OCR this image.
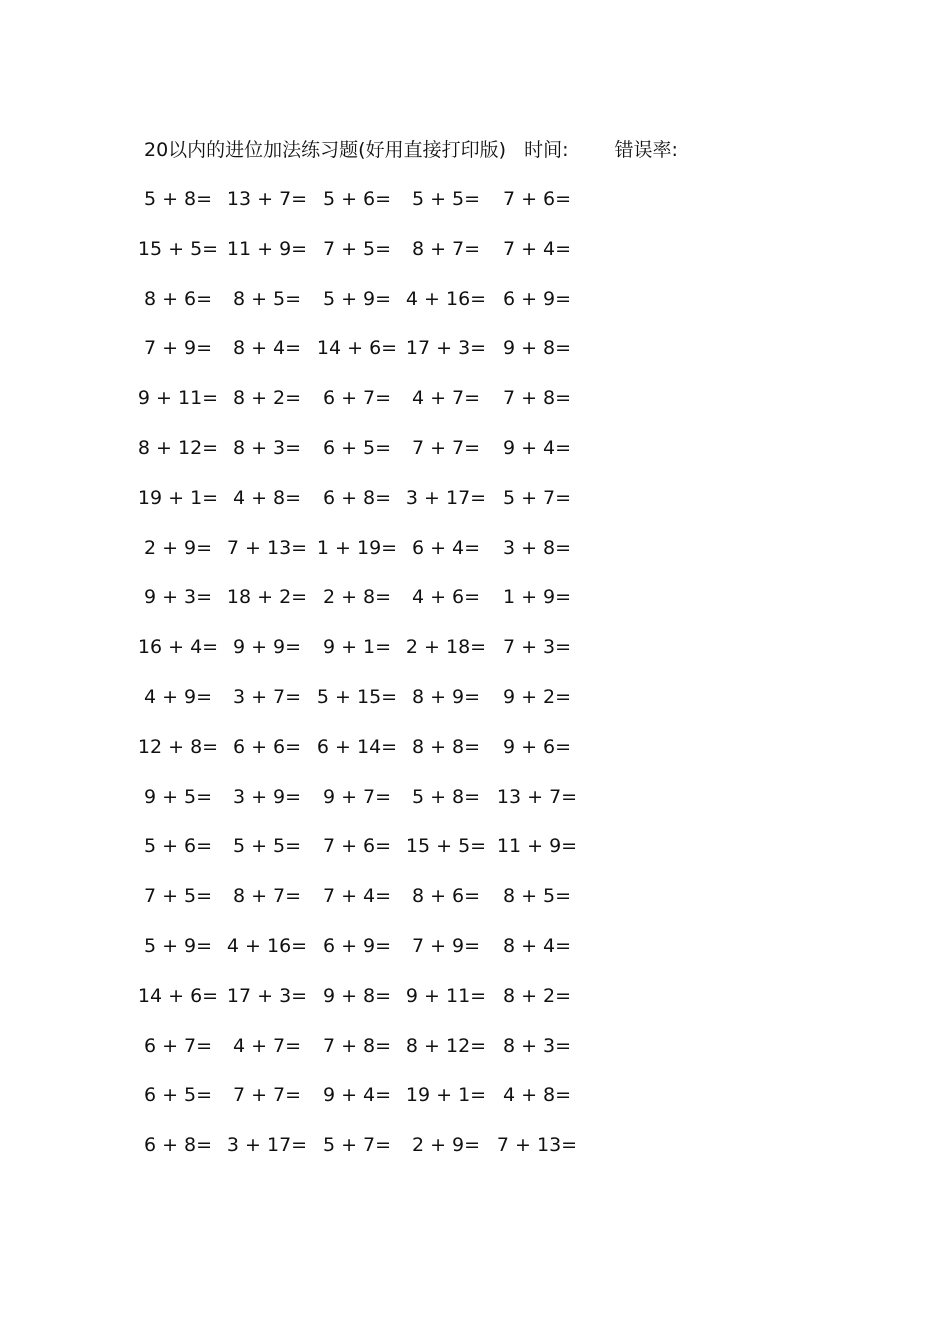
20以内的进位加法练习题(好用直接打印版) 时间: 错误率:
5 + 8= 13 + 7= 5 + 6= 5 + 5= 7 + 6=
15 + 5= 11 + 9= 7 + 5= 8 + 7= 7 + 4=
8 + 6= 8 + 5= 5 + 9= 4 + 16= 6 + 9=
7 + 9= 8 + 4= 14 + 6= 17 + 3= 9 + 8=
9 + 11= 8 + 2= 6 + 7= 4 + 7= 7 + 8=
8 + 12= 8 + 3= 6 + 5= 7 + 7= 9 + 4=
19 + 1= 4 + 8= 6 + 8= 3 + 17= 5 + 7=
2 + 9= 7 + 13= 1 + 19= 6 + 4= 3 + 8=
9 + 3= 18 + 2= 2 + 8= 4 + 6= 1 + 9=
16 + 4= 9 + 9= 9 + 1= 2 + 18= 7 + 3=
4 + 9= 3 + 7= 5 + 15= 8 + 9= 9 + 2=
12 + 8= 6 + 6= 6 + 14= 8 + 8= 9 + 6=
9 + 5= 3 + 9= 9 + 7= 5 + 8= 13 + 7=
5 + 6= 5 + 5= 7 + 6= 15 + 5= 11 + 9=
7 + 5= 8 + 7= 7 + 4= 8 + 6= 8 + 5=
5 + 9= 4 + 16= 6 + 9= 7 + 9= 8 + 4=
14 + 6= 17 + 3= 9 + 8= 9 + 11= 8 + 2=
6 + 7= 4 + 7= 7 + 8= 8 + 12= 8 + 3=
6 + 5= 7 + 7= 9 + 4= 19 + 1= 4 + 8=
6 + 8= 3 + 17= 5 + 7= 2 + 9= 7 + 13=
